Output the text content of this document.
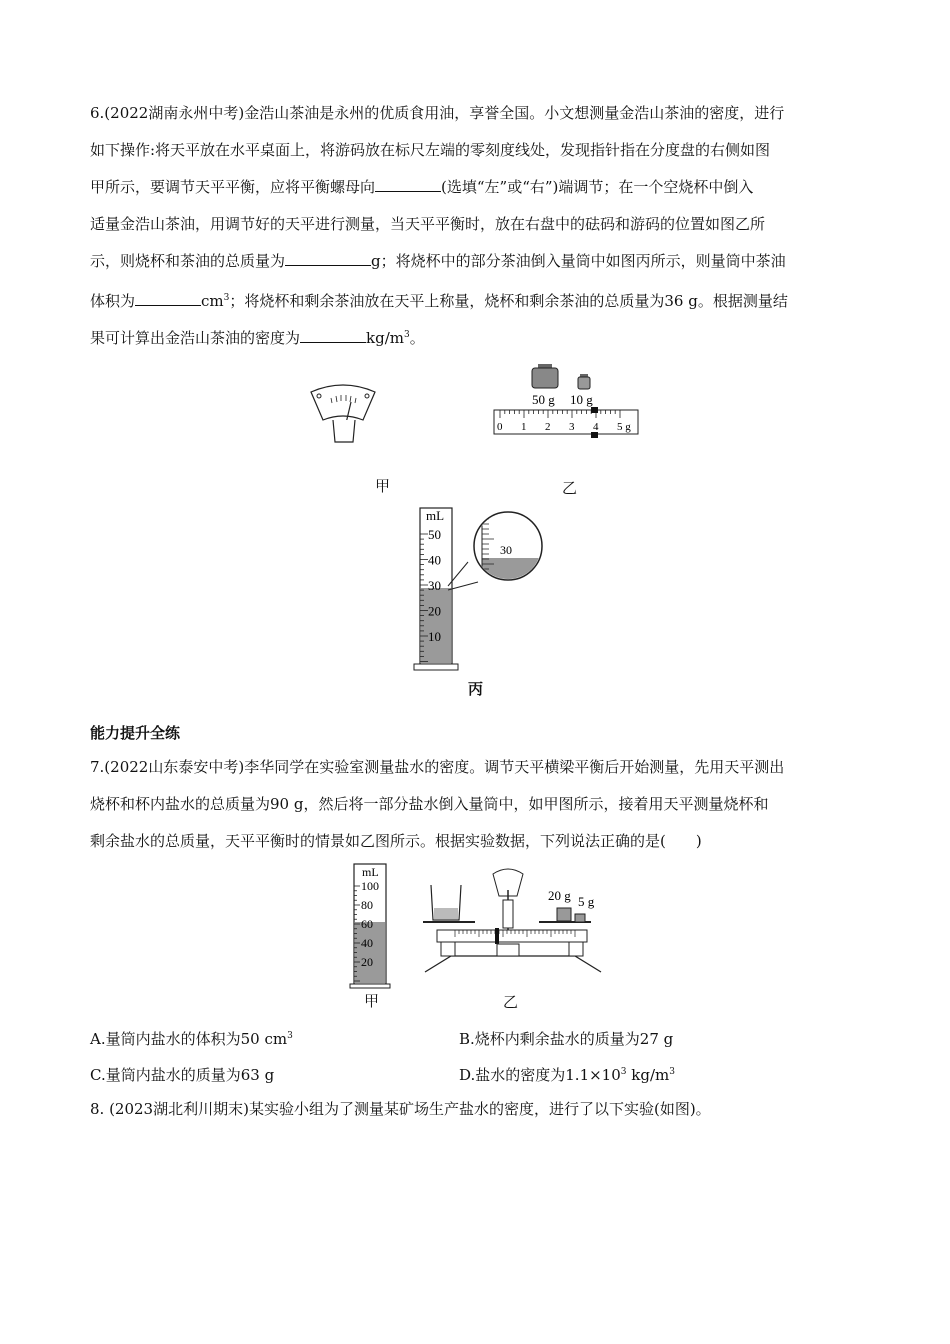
6.(2022湖南永州中考)金浩山茶油是永州的优质食用油，享誉全国。小文想测量金浩山茶油的密度，进行
如下操作:将天平放在水平桌面上，将游码放在标尺左端的零刻度线处，发现指针指在分度盘的右侧如图
甲所示，要调节天平平衡，应将平衡螺母向	(选填“左”或“右”)端调节；在一个空烧杯中倒入
适量金浩山茶油，用调节好的天平进行测量，当天平平衡时，放在右盘中的砝码和游码的位置如图乙所
示，则烧杯和茶油的总质量为	g；将烧杯中的部分茶油倒入量筒中如图丙所示，则量筒中茶油
体积为	$cm^3$；将烧杯和剩余茶油放在天平上称量，烧杯和剩余茶油的总质量为36 g。根据测量结
果可计算出金浩山茶油的密度为	$kg/m^3$。
甲
50 g 10 g
0 1 2 3 4 5 g
乙
mL
50
40
30
20
10
30
丙
能力提升全练
7.(2022山东泰安中考)李华同学在实验室测量盐水的密度。调节天平横梁平衡后开始测量，先用天平测出
烧杯和杯内盐水的总质量为90 g，然后将一部分盐水倒入量筒中，如甲图所示，接着用天平测量烧杯和
剩余盐水的总质量，天平平衡时的情景如乙图所示。根据实验数据，下列说法正确的是(　　)
mL
100
80
60
40
20
甲
20 g 5 g
乙
A.量筒内盐水的体积为50 $cm^3$	B.烧杯内剩余盐水的质量为27 g
C.量筒内盐水的质量为63 g	D.盐水的密度为$1.1\times 10^3$ $kg/m^3$
8. (2023湖北利川期末)某实验小组为了测量某矿场生产盐水的密度，进行了以下实验(如图)。
